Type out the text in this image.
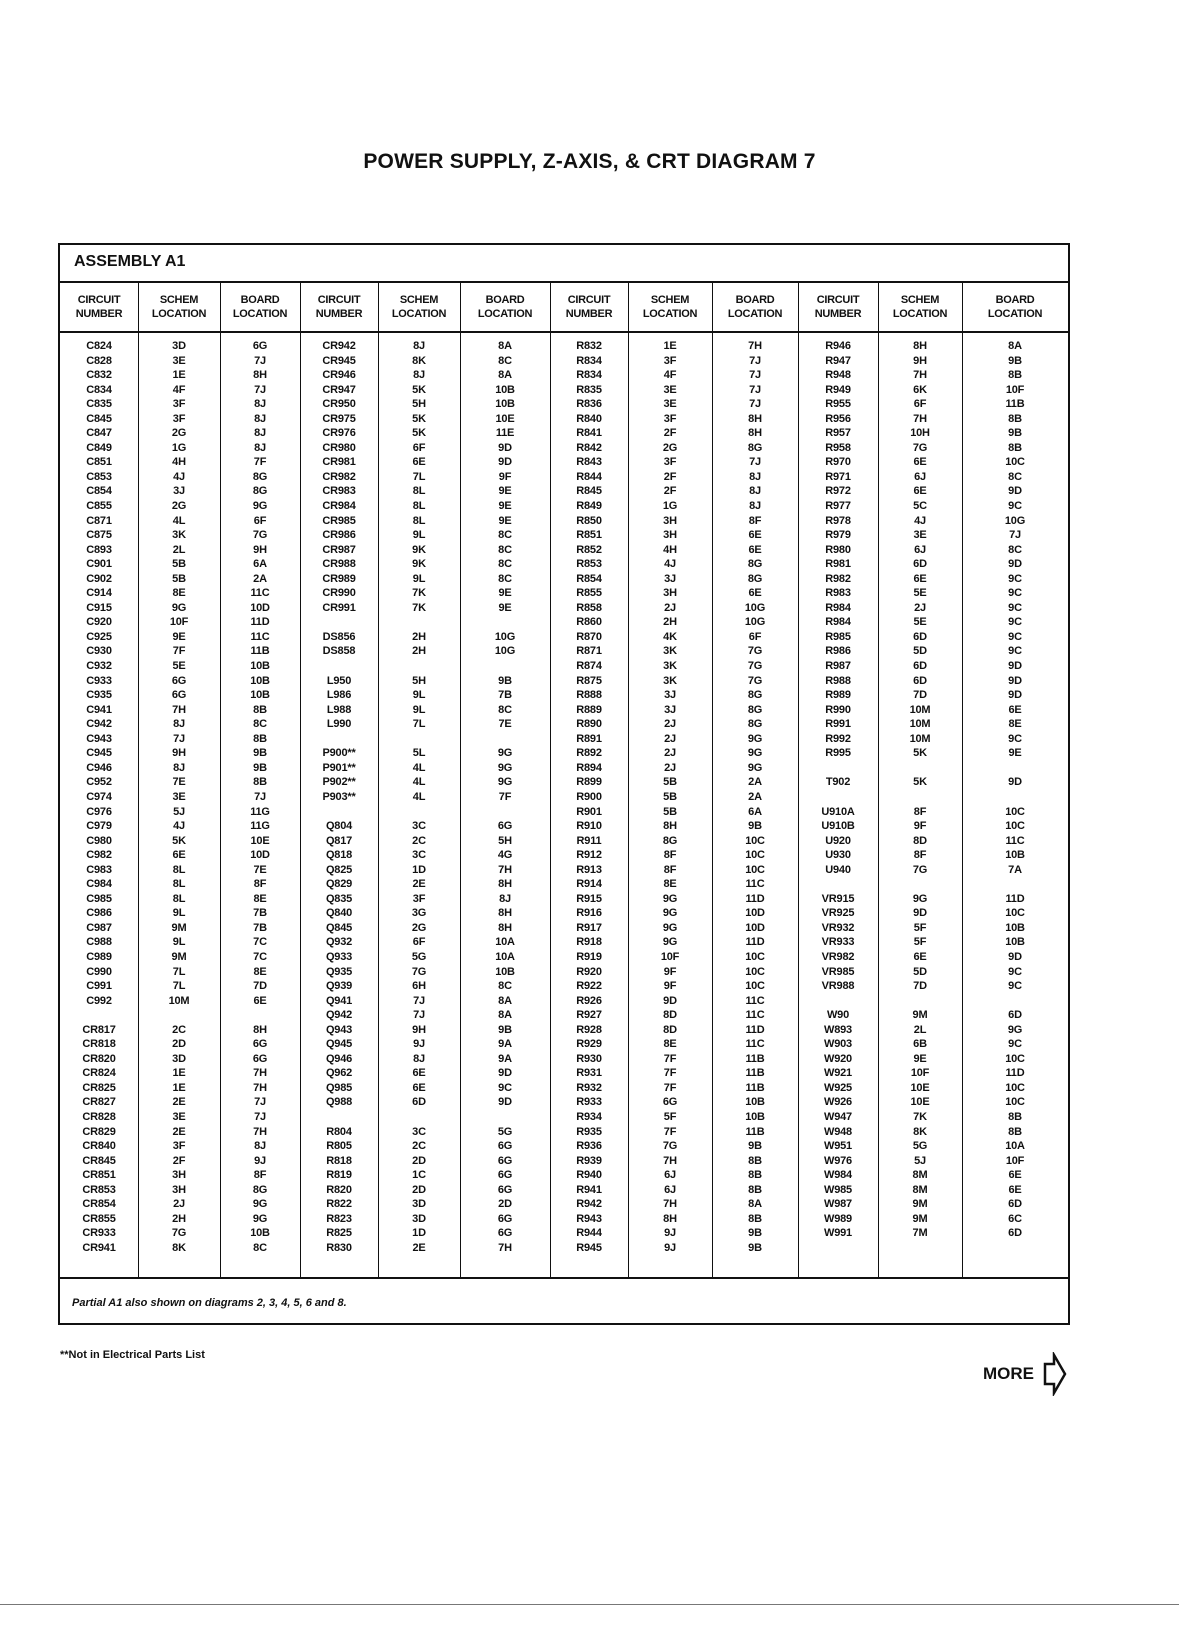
POWER SUPPLY, Z-AXIS, & CRT DIAGRAM 7
ASSEMBLY A1
CIRCUIT
NUMBER
C824
C828
C832
C834
C835
C845
C847
C849
C851
C853
C854
C855
C871
C875
C893
C901
C902
C914
C915
C920
C925
C930
C932
C933
C935
C941
C942
C943
C945
C946
C952
C974
C976
C979
C980
C982
C983
C984
C985
C986
C987
C988
C989
C990
C991
C992
CR817
CR818
CR820
CR824
CR825
CR827
CR828
CR829
CR840
CR845
CR851
CR853
CR854
CR855
CR933
CR941
SCHEM
LOCATION
3D
3E
1E
4F
3F
3F
2G
1G
4H
4J
3J
2G
4L
3K
2L
5B
5B
8E
9G
10F
9E
7F
5E
6G
6G
7H
8J
7J
9H
8J
7E
3E
5J
4J
5K
6E
8L
8L
8L
9L
9M
9L
9M
7L
7L
10M
2C
2D
3D
1E
1E
2E
3E
2E
3F
2F
3H
3H
2J
2H
7G
8K
BOARD
LOCATION
6G
7J
8H
7J
8J
8J
8J
8J
7F
8G
8G
9G
6F
7G
9H
6A
2A
11C
10D
11D
11C
11B
10B
10B
10B
8B
8C
8B
9B
9B
8B
7J
11G
11G
10E
10D
7E
8F
8E
7B
7B
7C
7C
8E
7D
6E
8H
6G
6G
7H
7H
7J
7J
7H
8J
9J
8F
8G
9G
9G
10B
8C
CIRCUIT
NUMBER
CR942
CR945
CR946
CR947
CR950
CR975
CR976
CR980
CR981
CR982
CR983
CR984
CR985
CR986
CR987
CR988
CR989
CR990
CR991
DS856
DS858
L950
L986
L988
L990
P900**
P901**
P902**
P903**
Q804
Q817
Q818
Q825
Q829
Q835
Q840
Q845
Q932
Q933
Q935
Q939
Q941
Q942
Q943
Q945
Q946
Q962
Q985
Q988
R804
R805
R818
R819
R820
R822
R823
R825
R830
SCHEM
LOCATION
8J
8K
8J
5K
5H
5K
5K
6F
6E
7L
8L
8L
8L
9L
9K
9K
9L
7K
7K
2H
2H
5H
9L
9L
7L
5L
4L
4L
4L
3C
2C
3C
1D
2E
3F
3G
2G
6F
5G
7G
6H
7J
7J
9H
9J
8J
6E
6E
6D
3C
2C
2D
1C
2D
3D
3D
1D
2E
BOARD
LOCATION
8A
8C
8A
10B
10B
10E
11E
9D
9D
9F
9E
9E
9E
8C
8C
8C
8C
9E
9E
10G
10G
9B
7B
8C
7E
9G
9G
9G
7F
6G
5H
4G
7H
8H
8J
8H
8H
10A
10A
10B
8C
8A
8A
9B
9A
9A
9D
9C
9D
5G
6G
6G
6G
6G
2D
6G
6G
7H
CIRCUIT
NUMBER
R832
R834
R834
R835
R836
R840
R841
R842
R843
R844
R845
R849
R850
R851
R852
R853
R854
R855
R858
R860
R870
R871
R874
R875
R888
R889
R890
R891
R892
R894
R899
R900
R901
R910
R911
R912
R913
R914
R915
R916
R917
R918
R919
R920
R922
R926
R927
R928
R929
R930
R931
R932
R933
R934
R935
R936
R939
R940
R941
R942
R943
R944
R945
SCHEM
LOCATION
1E
3F
4F
3E
3E
3F
2F
2G
3F
2F
2F
1G
3H
3H
4H
4J
3J
3H
2J
2H
4K
3K
3K
3K
3J
3J
2J
2J
2J
2J
5B
5B
5B
8H
8G
8F
8F
8E
9G
9G
9G
9G
10F
9F
9F
9D
8D
8D
8E
7F
7F
7F
6G
5F
7F
7G
7H
6J
6J
7H
8H
9J
9J
BOARD
LOCATION
7H
7J
7J
7J
7J
8H
8H
8G
7J
8J
8J
8J
8F
6E
6E
8G
8G
6E
10G
10G
6F
7G
7G
7G
8G
8G
8G
9G
9G
9G
2A
2A
6A
9B
10C
10C
10C
11C
11D
10D
10D
11D
10C
10C
10C
11C
11C
11D
11C
11B
11B
11B
10B
10B
11B
9B
8B
8B
8B
8A
8B
9B
9B
CIRCUIT
NUMBER
R946
R947
R948
R949
R955
R956
R957
R958
R970
R971
R972
R977
R978
R979
R980
R981
R982
R983
R984
R984
R985
R986
R987
R988
R989
R990
R991
R992
R995
T902
U910A
U910B
U920
U930
U940
VR915
VR925
VR932
VR933
VR982
VR985
VR988
W90
W893
W903
W920
W921
W925
W926
W947
W948
W951
W976
W984
W985
W987
W989
W991
SCHEM
LOCATION
8H
9H
7H
6K
6F
7H
10H
7G
6E
6J
6E
5C
4J
3E
6J
6D
6E
5E
2J
5E
6D
5D
6D
6D
7D
10M
10M
10M
5K
5K
8F
9F
8D
8F
7G
9G
9D
5F
5F
6E
5D
7D
9M
2L
6B
9E
10F
10E
10E
7K
8K
5G
5J
8M
8M
9M
9M
7M
BOARD
LOCATION
8A
9B
8B
10F
11B
8B
9B
8B
10C
8C
9D
9C
10G
7J
8C
9D
9C
9C
9C
9C
9C
9C
9D
9D
9D
6E
8E
9C
9E
9D
10C
10C
11C
10B
7A
11D
10C
10B
10B
9D
9C
9C
6D
9G
9C
10C
11D
10C
10C
8B
8B
10A
10F
6E
6E
6D
6C
6D
Partial A1 also shown on diagrams 2, 3, 4, 5, 6 and 8.
**Not in Electrical Parts List
MORE
